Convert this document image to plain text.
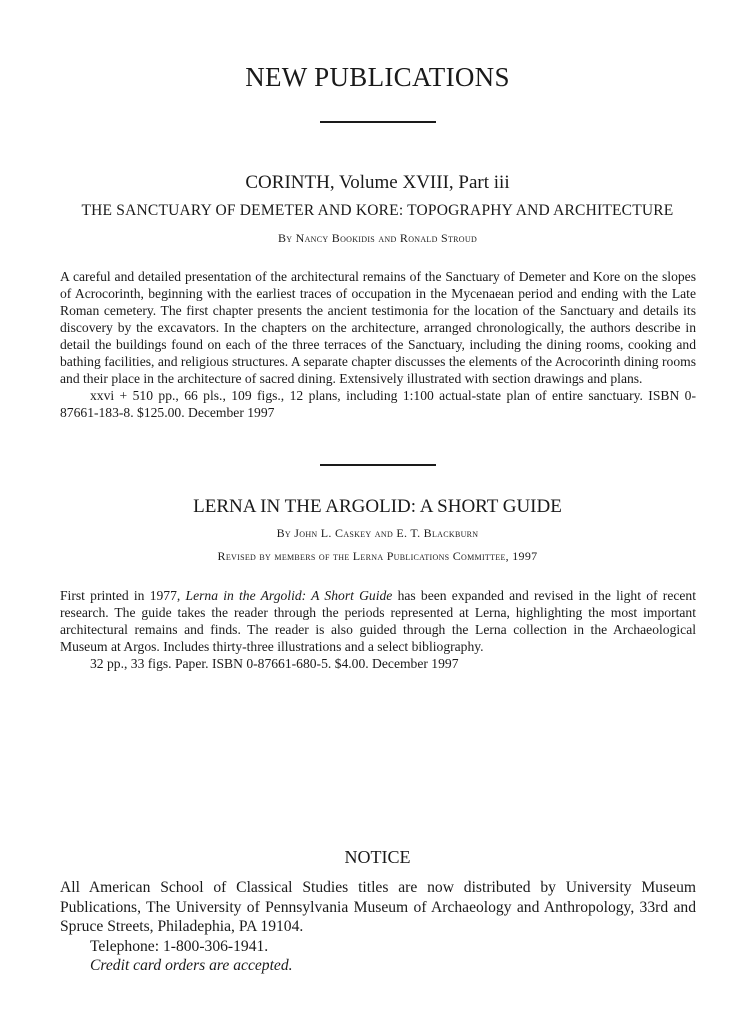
NEW PUBLICATIONS
CORINTH, Volume XVIII, Part iii
THE SANCTUARY OF DEMETER AND KORE: TOPOGRAPHY AND ARCHITECTURE
By Nancy Bookidis and Ronald Stroud

A careful and detailed presentation of the architectural remains of the Sanctuary of Demeter and Kore on the slopes of Acrocorinth, beginning with the earliest traces of occupation in the Mycenaean period and ending with the Late Roman cemetery. The first chapter presents the ancient testimonia for the location of the Sanctuary and details its discovery by the excavators. In the chapters on the architecture, arranged chronologically, the authors describe in detail the buildings found on each of the three terraces of the Sanctuary, including the dining rooms, cooking and bathing facilities, and religious structures. A separate chapter discusses the elements of the Acrocorinth dining rooms and their place in the architecture of sacred dining. Extensively illustrated with section drawings and plans.

xxvi + 510 pp., 66 pls., 109 figs., 12 plans, including 1:100 actual-state plan of entire sanctuary. ISBN 0-87661-183-8. $125.00. December 1997

LERNA IN THE ARGOLID: A SHORT GUIDE
By John L. Caskey and E. T. Blackburn
Revised by members of the Lerna Publications Committee, 1997

First printed in 1977, Lerna in the Argolid: A Short Guide has been expanded and revised in the light of recent research. The guide takes the reader through the periods represented at Lerna, highlighting the most important architectural remains and finds. The reader is also guided through the Lerna collection in the Archaeological Museum at Argos. Includes thirty-three illustrations and a select bibliography.

32 pp., 33 figs. Paper. ISBN 0-87661-680-5. $4.00. December 1997

NOTICE

All American School of Classical Studies titles are now distributed by University Museum Publications, The University of Pennsylvania Museum of Archaeology and Anthropology, 33rd and Spruce Streets, Philadephia, PA 19104.

Telephone: 1-800-306-1941.

Credit card orders are accepted.
